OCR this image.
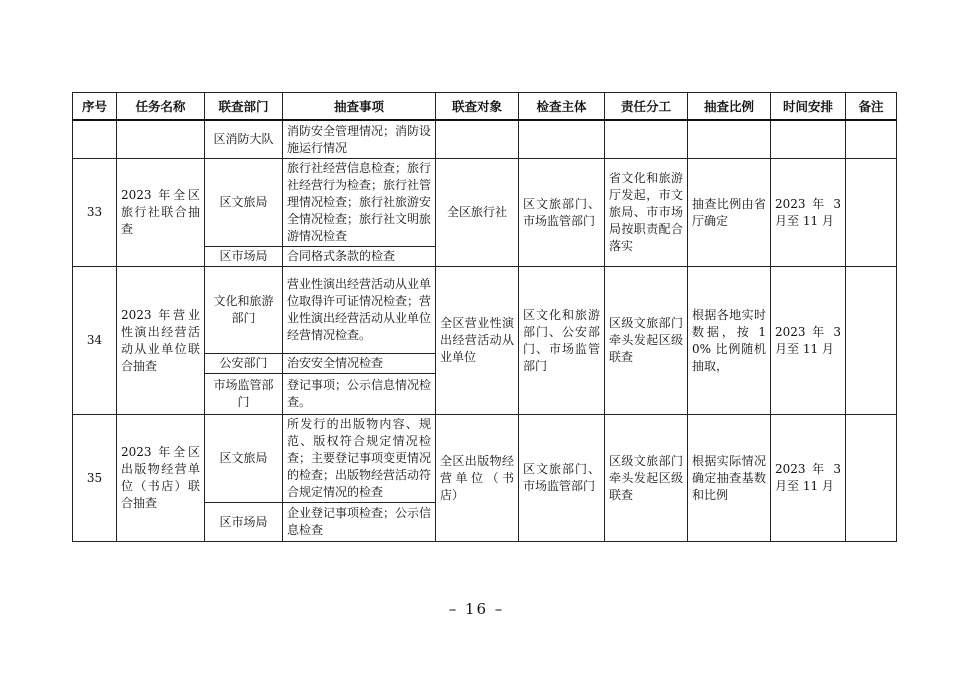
序号	任务名称	联查部门	抽查事项	联查对象	检查主体	责任分工	抽查比例	时间安排	备注
		区消防大队	消防安全管理情况；消防设施运行情况						
33	2023 年全区旅行社联合抽查	区文旅局	旅行社经营信息检查；旅行社经营行为检查；旅行社管理情况检查；旅行社旅游安全情况检查；旅行社文明旅游情况检查	全区旅行社	区文旅部门、市场监管部门	省文化和旅游厅发起，市文旅局、市市场局按职责配合落实	抽查比例由省厅确定	2023 年 3 月至 11 月	
		区市场局	合同格式条款的检查						
34	2023 年营业性演出经营活动从业单位联合抽查	文化和旅游部门	营业性演出经营活动从业单位取得许可证情况检查；营业性演出经营活动从业单位经营情况检查。	全区营业性演出经营活动从业单位	区文化和旅游部门、公安部门、市场监管部门	区级文旅部门牵头发起区级联查	根据各地实时数据，按 10% 比例随机抽取，	2023 年 3 月至 11 月	
		公安部门	治安安全情况检查						
		市场监管部门	登记事项；公示信息情况检查。						
35	2023 年全区出版物经营单位（书店）联合抽查	区文旅局	所发行的出版物内容、规范、版权符合规定情况检查；主要登记事项变更情况的检查；出版物经营活动符合规定情况的检查	全区出版物经营单位（书店）	区文旅部门、市场监管部门	区级文旅部门牵头发起区级联查	根据实际情况确定抽查基数和比例	2023 年 3 月至 11 月	
		区市场局	企业登记事项检查；公示信息检查						
– 16 –
